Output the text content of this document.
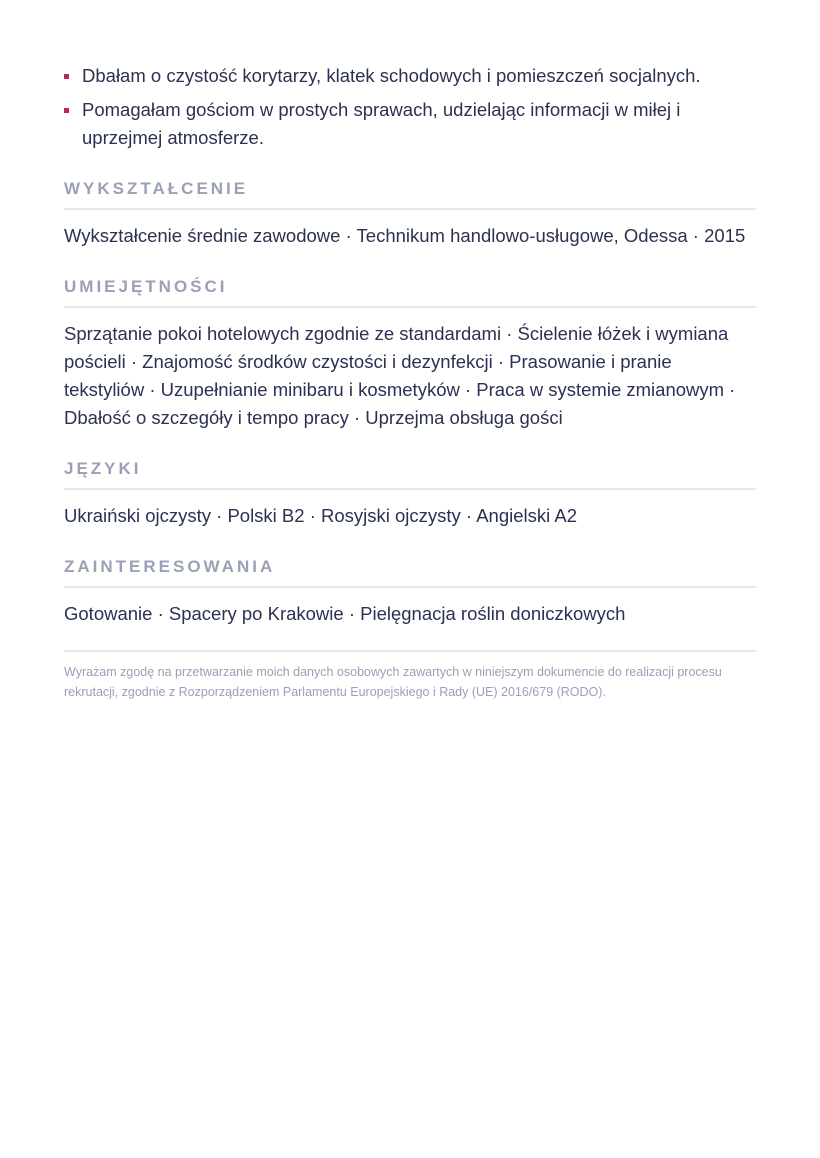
Dbałam o czystość korytarzy, klatek schodowych i pomieszczeń socjalnych.
Pomagałam gościom w prostych sprawach, udzielając informacji w miłej i uprzejmej atmosferze.
WYKSZTAŁCENIE

Wykształcenie średnie zawodowe · Technikum handlowo-usługowe, Odessa · 2015

UMIEJĘTNOŚCI

Sprzątanie pokoi hotelowych zgodnie ze standardami · Ścielenie łóżek i wymiana pościeli · Znajomość środków czystości i dezynfekcji · Prasowanie i pranie tekstyliów · Uzupełnianie minibaru i kosmetyków · Praca w systemie zmianowym · Dbałość o szczegóły i tempo pracy · Uprzejma obsługa gości

JĘZYKI

Ukraiński ojczysty · Polski B2 · Rosyjski ojczysty · Angielski A2

ZAINTERESOWANIA

Gotowanie · Spacery po Krakowie · Pielęgnacja roślin doniczkowych

Wyrażam zgodę na przetwarzanie moich danych osobowych zawartych w niniejszym dokumencie do realizacji procesu rekrutacji, zgodnie z Rozporządzeniem Parlamentu Europejskiego i Rady (UE) 2016/679 (RODO).
